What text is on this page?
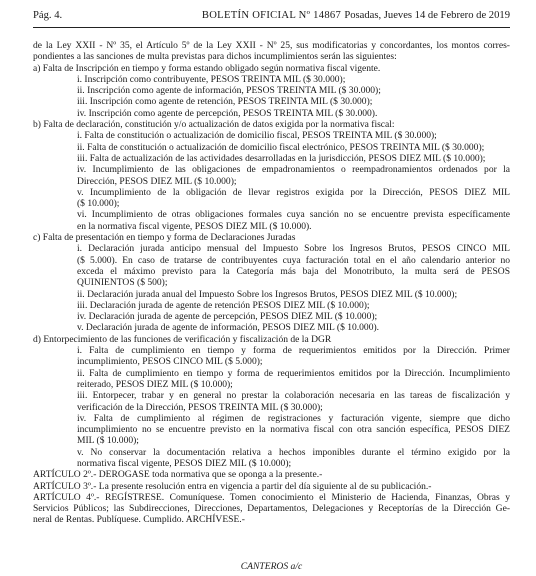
Pág. 4.	BOLETÍN OFICIAL Nº 14867 Posadas, Jueves 14 de Febrero de 2019
de la Ley XXII - Nº 35, el Artículo 5º de la Ley XXII - Nº 25, sus modificatorias y concordantes, los montos corres-
pondientes a las sanciones de multa previstas para dichos incumplimientos serán las siguientes:
a) Falta de Inscripción en tiempo y forma estando obligado según normativa fiscal vigente.
i. Inscripción como contribuyente, PESOS TREINTA MIL ($ 30.000);
ii. Inscripción como agente de información, PESOS TREINTA MIL ($ 30.000);
iii. Inscripción como agente de retención, PESOS TREINTA MIL ($ 30.000);
iv. Inscripción como agente de percepción, PESOS TREINTA MIL ($ 30.000).
b) Falta de declaración, constitución y/o actualización de datos exigida por la normativa fiscal:
i. Falta de constitución o actualización de domicilio fiscal, PESOS TREINTA MIL ($ 30.000);
ii. Falta de constitución o actualización de domicilio fiscal electrónico, PESOS TREINTA MIL ($ 30.000);
iii. Falta de actualización de las actividades desarrolladas en la jurisdicción, PESOS DIEZ MIL ($ 10.000);
iv. Incumplimiento de las obligaciones de empadronamientos o reempadronamientos ordenados por la
Dirección, PESOS DIEZ MIL ($ 10.000);
v. Incumplimiento de la obligación de llevar registros exigida por la Dirección, PESOS DIEZ MIL
($ 10.000);
vi. Incumplimiento de otras obligaciones formales cuya sanción no se encuentre prevista específicamente
en la normativa fiscal vigente, PESOS DIEZ MIL ($ 10.000).
c) Falta de presentación en tiempo y forma de Declaraciones Juradas
i. Declaración jurada anticipo mensual del Impuesto Sobre los Ingresos Brutos, PESOS CINCO MIL
($ 5.000). En caso de tratarse de contribuyentes cuya facturación total en el año calendario anterior no
exceda el máximo previsto para la Categoría más baja del Monotributo, la multa será de PESOS
QUINIENTOS ($ 500);
ii. Declaración jurada anual del Impuesto Sobre los Ingresos Brutos, PESOS DIEZ MIL ($ 10.000);
iii. Declaración jurada de agente de retención PESOS DIEZ MIL ($ 10.000);
iv. Declaración jurada de agente de percepción, PESOS DIEZ MIL ($ 10.000);
v. Declaración jurada de agente de información, PESOS DIEZ MIL ($ 10.000).
d) Entorpecimiento de las funciones de verificación y fiscalización de la DGR
i. Falta de cumplimiento en tiempo y forma de requerimientos emitidos por la Dirección. Primer
incumplimiento, PESOS CINCO MIL ($ 5.000);
ii. Falta de cumplimiento en tiempo y forma de requerimientos emitidos por la Dirección. Incumplimiento
reiterado, PESOS DIEZ MIL ($ 10.000);
iii. Entorpecer, trabar y en general no prestar la colaboración necesaria en las tareas de fiscalización y
verificación de la Dirección, PESOS TREINTA MIL ($ 30.000);
iv. Falta de cumplimiento al régimen de registraciones y facturación vigente, siempre que dicho
incumplimiento no se encuentre previsto en la normativa fiscal con otra sanción específica, PESOS DIEZ
MIL ($ 10.000);
v. No conservar la documentación relativa a hechos imponibles durante el término exigido por la
normativa fiscal vigente, PESOS DIEZ MIL ($ 10.000);
ARTÍCULO 2º.- DEROGASE toda normativa que se oponga a la presente.-
ARTÍCULO 3º.- La presente resolución entra en vigencia a partir del día siguiente al de su publicación.-
ARTÍCULO 4º.- REGÍSTRESE. Comuníquese. Tomen conocimiento el Ministerio de Hacienda, Finanzas, Obras y
Servicios Públicos; las Subdirecciones, Direcciones, Departamentos, Delegaciones y Receptorías de la Dirección Ge-
neral de Rentas. Publíquese. Cumplido. ARCHÍVESE.-
CANTEROS a/c
